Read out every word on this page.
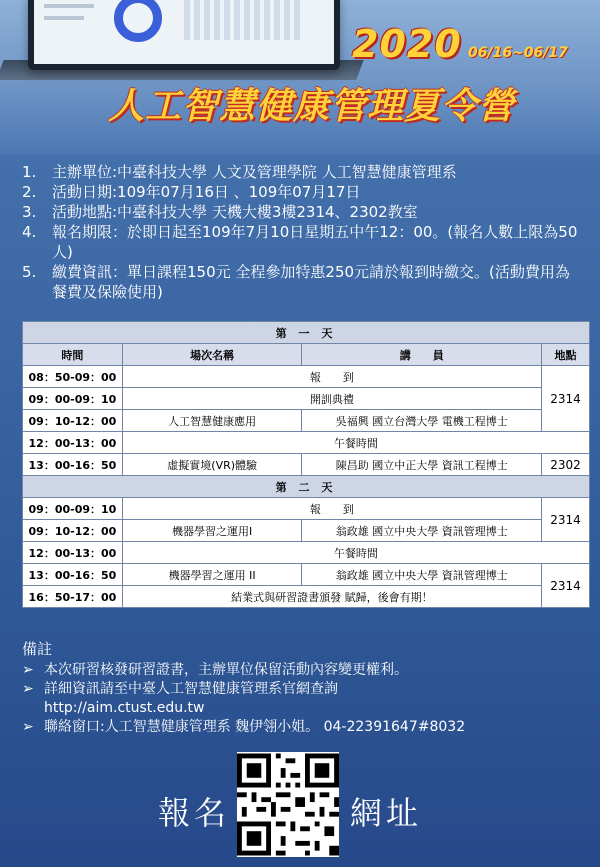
2020 06/16~06/17
人工智慧健康管理夏令營
1.	主辦單位:中臺科技大學 人文及管理學院 人工智慧健康管理系
2.	活動日期:109年07月16日 、109年07月17日
3.	活動地點:中臺科技大學 天機大樓3樓2314、2302教室
4.	報名期限：於即日起至109年7月10日星期五中午12：00。(報名人數上限為50人)
5.	繳費資訊：單日課程150元 全程參加特惠250元請於報到時繳交。(活動費用為餐費及保險使用)
第 一 天			
時間	場次名稱	講　　員	地點
08：50-09：00	報　　到		2314
09：00-09：10	開訓典禮		
09：10-12：00	人工智慧健康應用	吳福興 國立台灣大學 電機工程博士	
12：00-13：00	午餐時間		
13：00-16：50	虛擬實境(VR)體驗	陳昌助 國立中正大學 資訊工程博士	2302
第 二 天			
09：00-09：10	報　　到		2314
09：10-12：00	機器學習之運用I	翁政雄 國立中央大學 資訊管理博士	
12：00-13：00	午餐時間		
13：00-16：50	機器學習之運用 II	翁政雄 國立中央大學 資訊管理博士	2314
16：50-17：00	結業式與研習證書頒發 賦歸，後會有期！		
備註
➢ 本次研習核發研習證書，主辦單位保留活動內容變更權利。
➢ 詳細資訊請至中臺人工智慧健康管理系官網查詢
http://aim.ctust.edu.tw
➢ 聯絡窗口:人工智慧健康管理系 魏伊翎小姐。 04-22391647#8032
報名	網址
